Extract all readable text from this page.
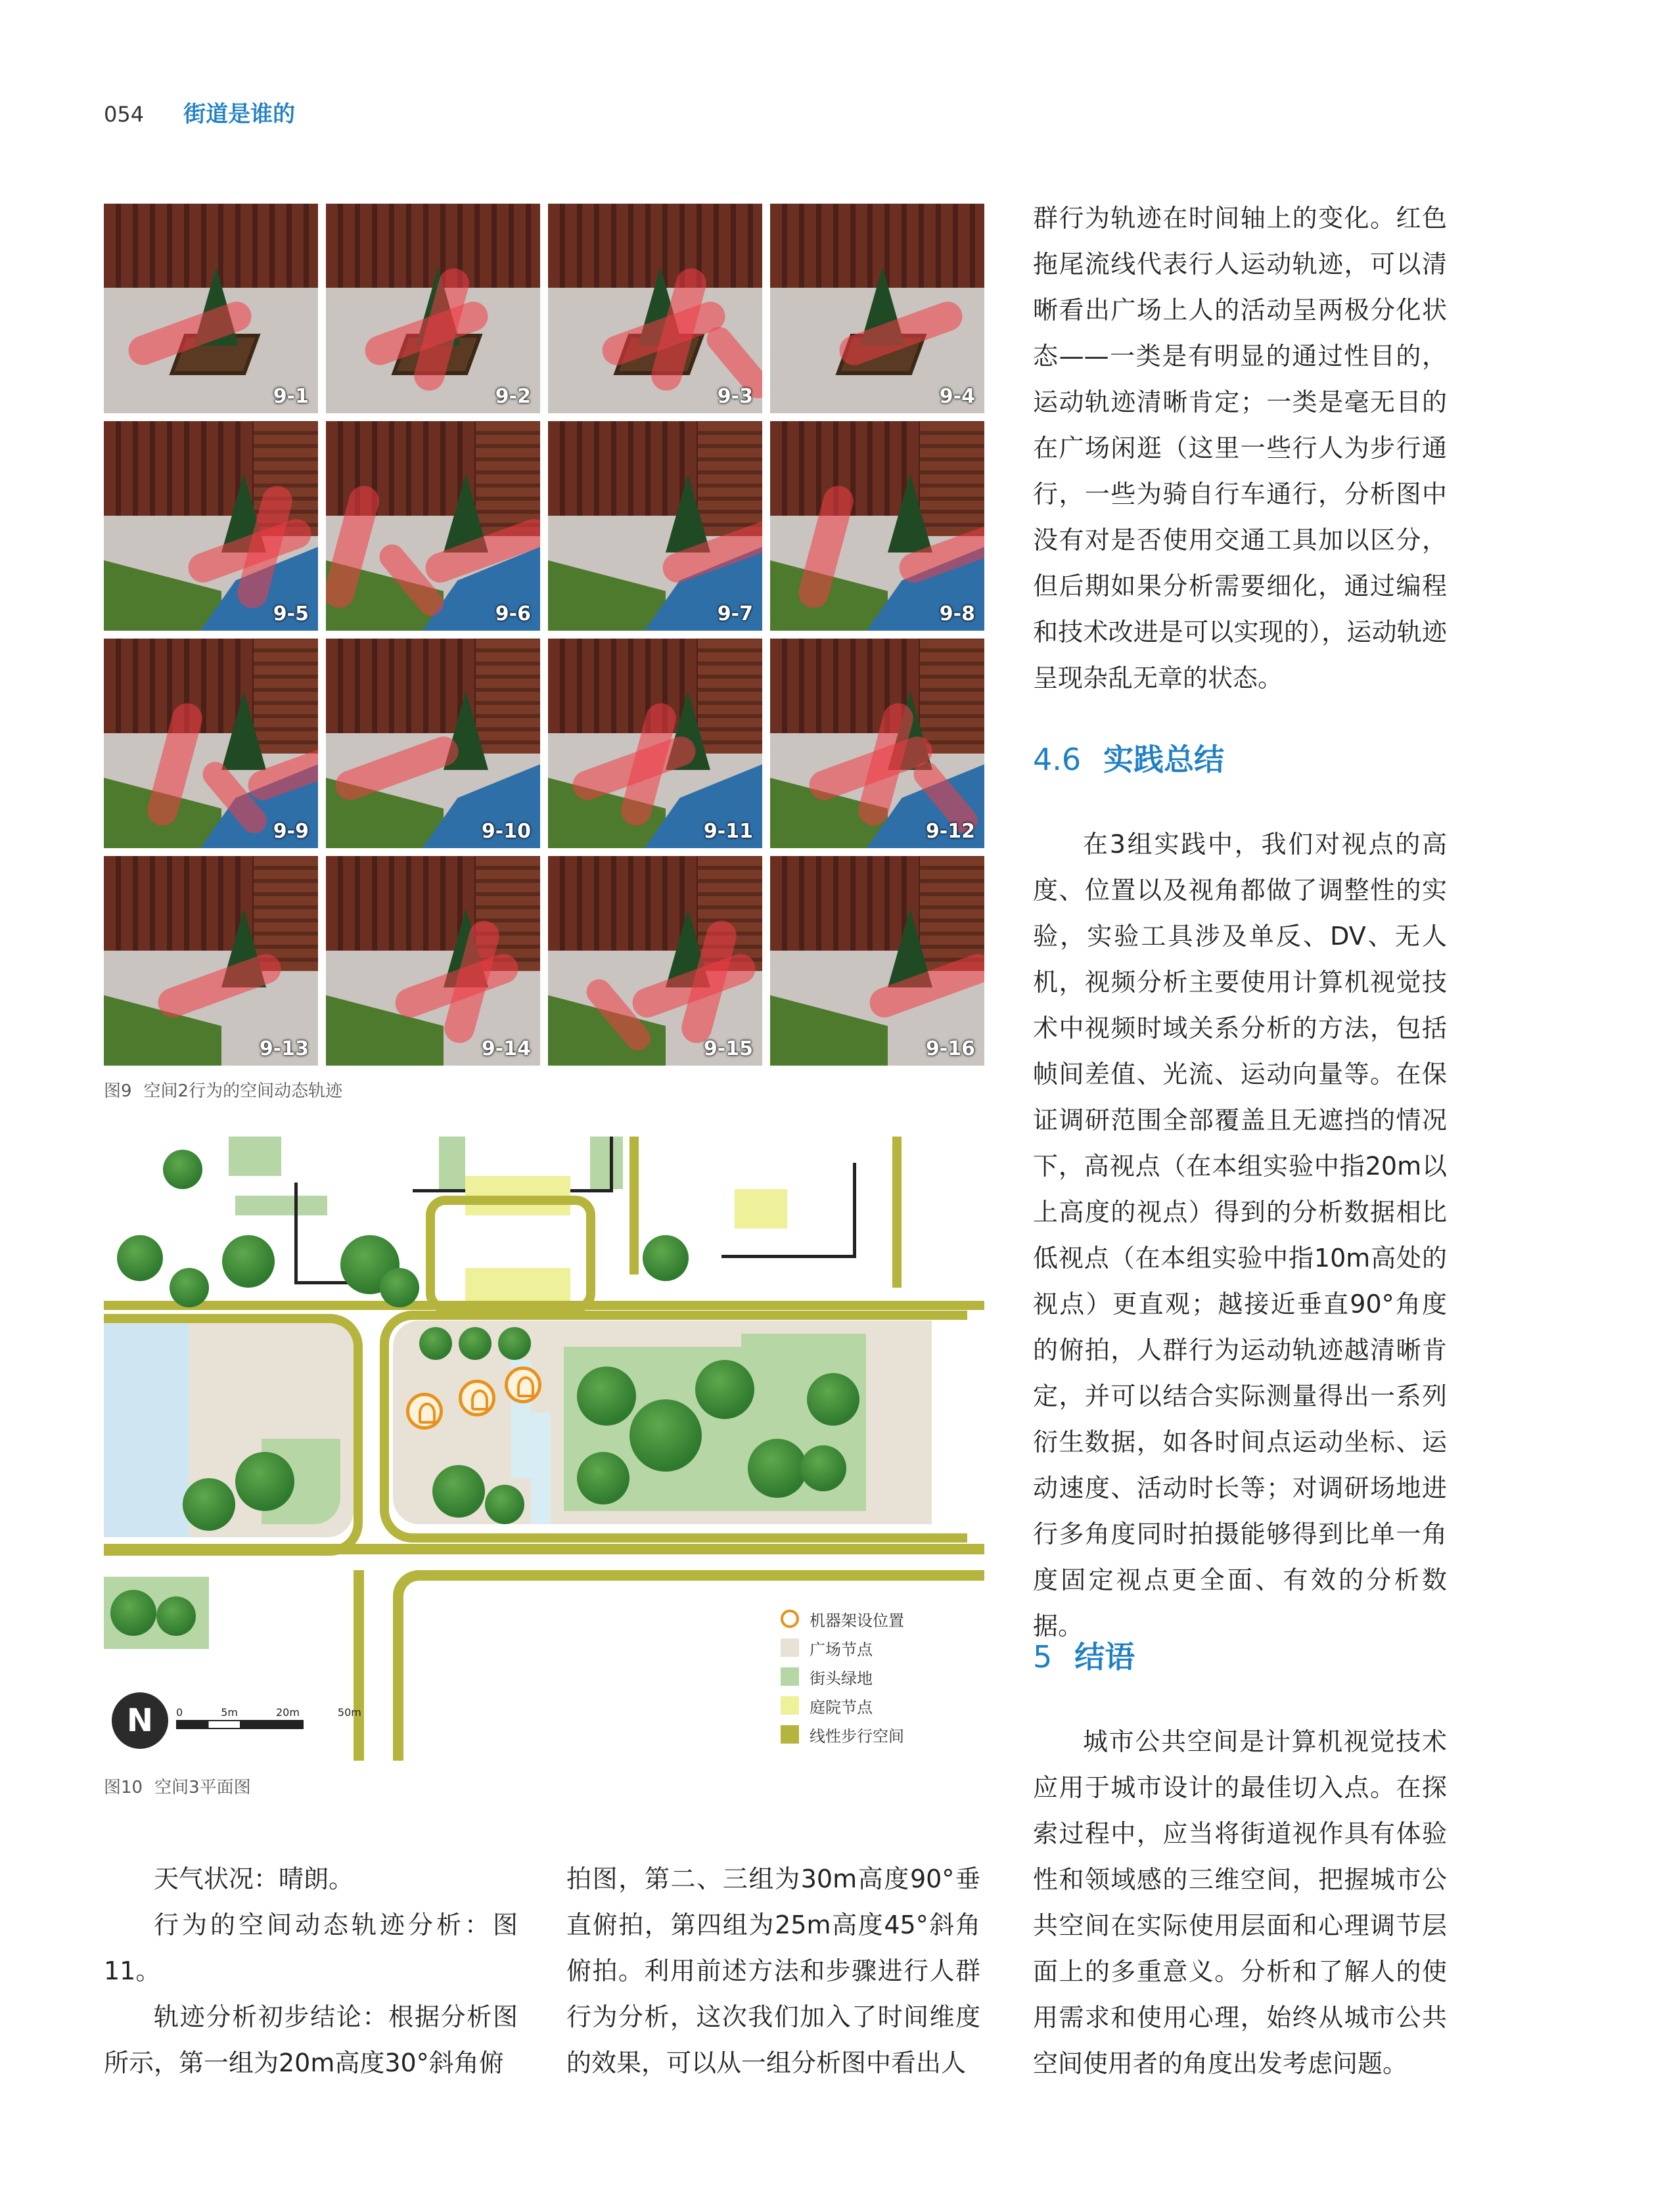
054 街道是谁的
9-1	9-2	9-3	9-4
9-5	9-6	9-7	9-8
9-9	9-10	9-11	9-12
9-13	9-14	9-15	9-16
图9 空间2行为的空间动态轨迹
N	0	5m	20m	50m
机器架设位置
广场节点
街头绿地
庭院节点
线性步行空间
图10 空间3平面图

天气状况：晴朗。

行为的空间动态轨迹分析：图11。

轨迹分析初步结论：根据分析图所示，第一组为20m高度30°斜角俯

拍图，第二、三组为30m高度90°垂直俯拍，第四组为25m高度45°斜角俯拍。利用前述方法和步骤进行人群行为分析，这次我们加入了时间维度的效果，可以从一组分析图中看出人

群行为轨迹在时间轴上的变化。红色拖尾流线代表行人运动轨迹，可以清晰看出广场上人的活动呈两极分化状态——一类是有明显的通过性目的，运动轨迹清晰肯定；一类是毫无目的在广场闲逛（这里一些行人为步行通行，一些为骑自行车通行，分析图中没有对是否使用交通工具加以区分，但后期如果分析需要细化，通过编程和技术改进是可以实现的），运动轨迹呈现杂乱无章的状态。

4.6 实践总结

在3组实践中，我们对视点的高度、位置以及视角都做了调整性的实验，实验工具涉及单反、DV、无人机，视频分析主要使用计算机视觉技术中视频时域关系分析的方法，包括帧间差值、光流、运动向量等。在保证调研范围全部覆盖且无遮挡的情况下，高视点（在本组实验中指20m以上高度的视点）得到的分析数据相比低视点（在本组实验中指10m高处的视点）更直观；越接近垂直90°角度的俯拍，人群行为运动轨迹越清晰肯定，并可以结合实际测量得出一系列衍生数据，如各时间点运动坐标、运动速度、活动时长等；对调研场地进行多角度同时拍摄能够得到比单一角度固定视点更全面、有效的分析数据。

5 结语

城市公共空间是计算机视觉技术应用于城市设计的最佳切入点。在探索过程中，应当将街道视作具有体验性和领域感的三维空间，把握城市公共空间在实际使用层面和心理调节层面上的多重意义。分析和了解人的使用需求和使用心理，始终从城市公共空间使用者的角度出发考虑问题。
